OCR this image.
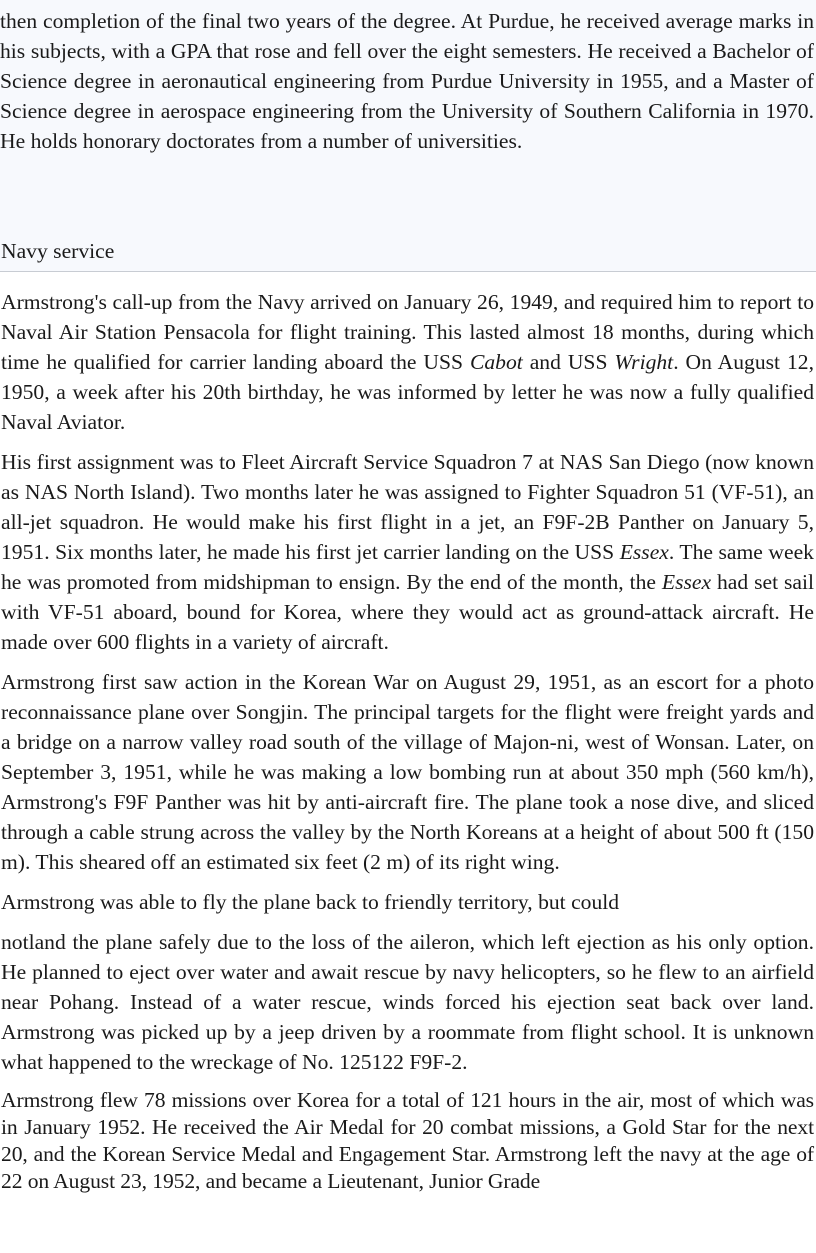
then completion of the final two years of the degree. At Purdue, he received average marks in his subjects, with a GPA that rose and fell over the eight semesters. He received a Bachelor of Science degree in aeronautical engineering from Purdue University in 1955, and a Master of Science degree in aerospace engineering from the University of Southern California in 1970. He holds honorary doctorates from a number of universities.

Navy service

Armstrong's call-up from the Navy arrived on January 26, 1949, and required him to report to Naval Air Station Pensacola for flight training. This lasted almost 18 months, during which time he qualified for carrier landing aboard the USS Cabot and USS Wright. On August 12, 1950, a week after his 20th birthday, he was informed by letter he was now a fully qualified Naval Aviator.

His first assignment was to Fleet Aircraft Service Squadron 7 at NAS San Diego (now known as NAS North Island). Two months later he was assigned to Fighter Squadron 51 (VF-51), an all-jet squadron. He would make his first flight in a jet, an F9F-2B Panther on January 5, 1951. Six months later, he made his first jet carrier landing on the USS Essex. The same week he was promoted from midshipman to ensign. By the end of the month, the Essex had set sail with VF-51 aboard, bound for Korea, where they would act as ground-attack aircraft. He made over 600 flights in a variety of aircraft.

Armstrong first saw action in the Korean War on August 29, 1951, as an escort for a photo reconnaissance plane over Songjin. The principal targets for the flight were freight yards and a bridge on a narrow valley road south of the village of Majon-ni, west of Wonsan. Later, on September 3, 1951, while he was making a low bombing run at about 350 mph (560 km/h), Armstrong's F9F Panther was hit by anti-aircraft fire. The plane took a nose dive, and sliced through a cable strung across the valley by the North Koreans at a height of about 500 ft (150 m). This sheared off an estimated six feet (2 m) of its right wing.

Armstrong was able to fly the plane back to friendly territory, but could

notland the plane safely due to the loss of the aileron, which left ejection as his only option. He planned to eject over water and await rescue by navy helicopters, so he flew to an airfield near Pohang. Instead of a water rescue, winds forced his ejection seat back over land. Armstrong was picked up by a jeep driven by a roommate from flight school. It is unknown what happened to the wreckage of No. 125122 F9F-2.

Armstrong flew 78 missions over Korea for a total of 121 hours in the air, most of which was in January 1952. He received the Air Medal for 20 combat missions, a Gold Star for the next 20, and the Korean Service Medal and Engagement Star. Armstrong left the navy at the age of 22 on August 23, 1952, and became a Lieutenant, Junior Grade
